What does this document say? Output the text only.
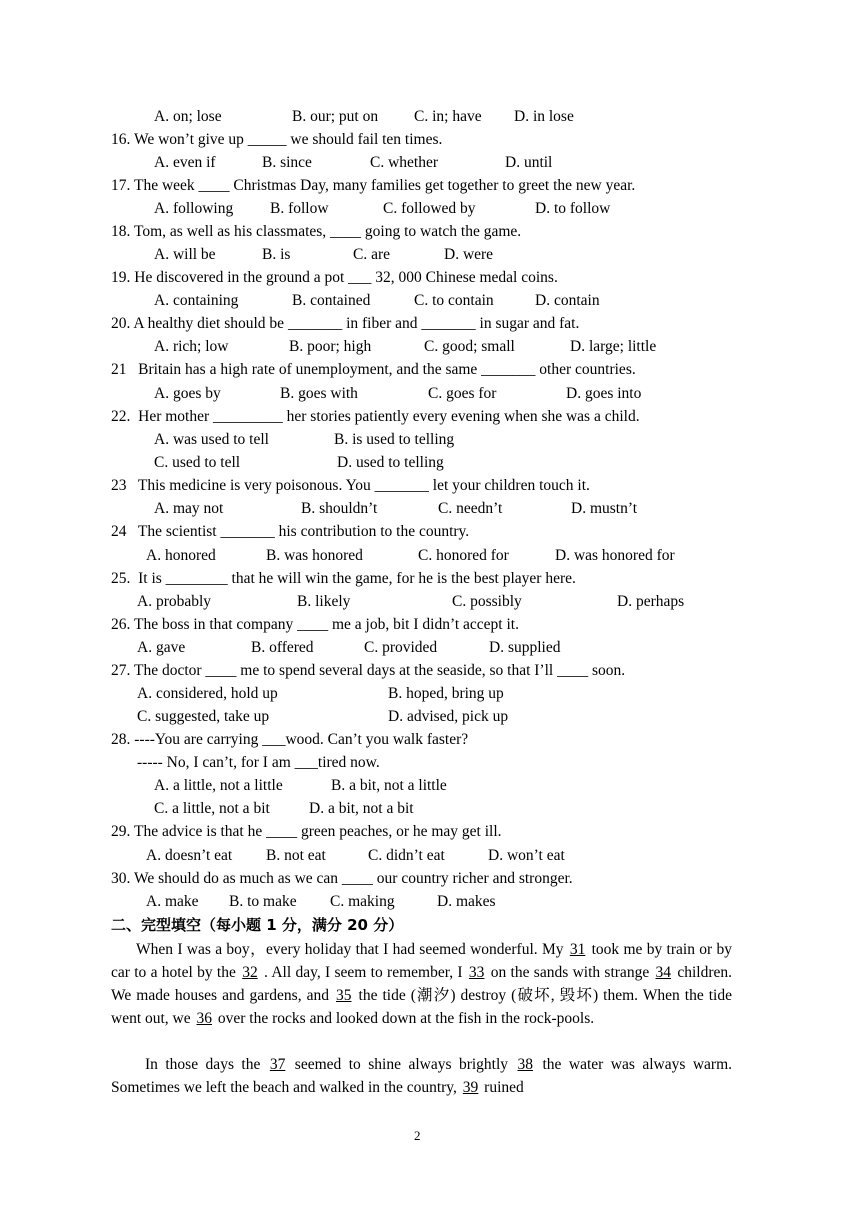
A. on; lose	B. our; put on C. in; have D. in lose
16. We won’t give up _____ we should fail ten times.
A. even if	B. since	C. whether	D. until
17. The week ____ Christmas Day, many families get together to greet the new year.
A. following B. follow	C. followed by	D. to follow
18. Tom, as well as his classmates, ____ going to watch the game.
A. will be	B. is	C. are	D. were
19. He discovered in the ground a pot ___ 32, 000 Chinese medal coins.
A. containing	B. contained	C. to contain	D. contain
20. A healthy diet should be _______ in fiber and _______ in sugar and fat.
A. rich; low	B. poor; high	C. good; small	D. large; little
21   Britain has a high rate of unemployment, and the same _______ other countries.
A. goes by	B. goes with	C. goes for	D. goes into
22.  Her mother _________ her stories patiently every evening when she was a child.
A. was used to tell	B. is used to telling
C. used to tell	D. used to telling
23   This medicine is very poisonous. You _______ let your children touch it.
A. may not	B. shouldn’t	C. needn’t	D. mustn’t
24   The scientist _______ his contribution to the country.
A. honored	B. was honored	C. honored for	D. was honored for
25.  It is ________ that he will win the game, for he is the best player here.
A. probably	B. likely	C. possibly	D. perhaps
26. The boss in that company ____ me a job, bit I didn’t accept it.
A. gave	B. offered	C. provided	D. supplied
27. The doctor ____ me to spend several days at the seaside, so that I’ll ____ soon.
A. considered, hold up	B. hoped, bring up
C. suggested, take up	D. advised, pick up
28. ----You are carrying ___wood. Can’t you walk faster?
----- No, I can’t, for I am ___tired now.
A. a little, not a little	B. a bit, not a little
C. a little, not a bit	D. a bit, not a bit
29. The advice is that he ____ green peaches, or he may get ill.
A. doesn’t eat B. not eat	C. didn’t eat	D. won’t eat
30. We should do as much as we can ____ our country richer and stronger.
A. make B. to make C. making	D. makes
二、完型填空（每小题 1 分，满分 20 分）
When I was a boy，every holiday that I had seemed wonderful. My 31 took me by train or by car to a hotel by the 32 . All day, I seem to remember, I 33 on the sands with strange 34 children. We made houses and gardens, and 35 the tide (潮汐) destroy (破坏, 毁坏) them. When the tide went out, we 36 over the rocks and looked down at the fish in the rock-pools.
In those days the 37 seemed to shine always brightly 38 the water was always warm. Sometimes we left the beach and walked in the country, 39 ruined
2
